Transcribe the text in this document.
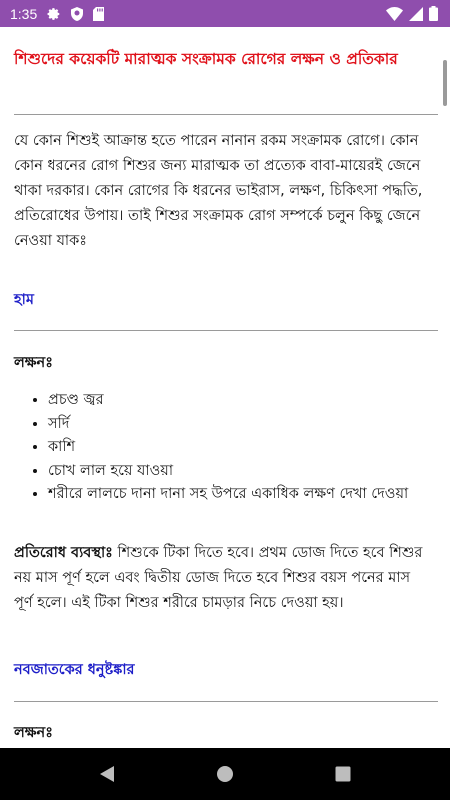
1:35
শিশুদের কয়েকটি মারাত্মক সংক্রামক রোগের লক্ষন ও প্রতিকার

যে কোন শিশুই আক্রান্ত হতে পারেন নানান রকম সংক্রামক রোগে। কোন কোন ধরনের রোগ শিশুর জন্য মারাত্মক তা প্রত্যেক বাবা-মায়েরই জেনে থাকা দরকার। কোন রোগের কি ধরনের ভাইরাস, লক্ষণ, চিকিৎসা পদ্ধতি, প্রতিরোধের উপায়। তাই শিশুর সংক্রামক রোগ সম্পর্কে চলুন কিছু জেনে নেওয়া যাকঃ

হাম
লক্ষনঃ
• প্রচণ্ড জ্বর
• সর্দি
• কাশি
• চোখ লাল হয়ে যাওয়া
• শরীরে লালচে দানা দানা সহ উপরে একাধিক লক্ষণ দেখা দেওয়া

প্রতিরোধ ব্যবস্থাঃ শিশুকে টিকা দিতে হবে। প্রথম ডোজ দিতে হবে শিশুর নয় মাস পূর্ণ হলে এবং দ্বিতীয় ডোজ দিতে হবে শিশুর বয়স পনের মাস পূর্ণ হলে। এই টিকা শিশুর শরীরে চামড়ার নিচে দেওয়া হয়।

নবজাতকের ধনুষ্টঙ্কার
লক্ষনঃ
